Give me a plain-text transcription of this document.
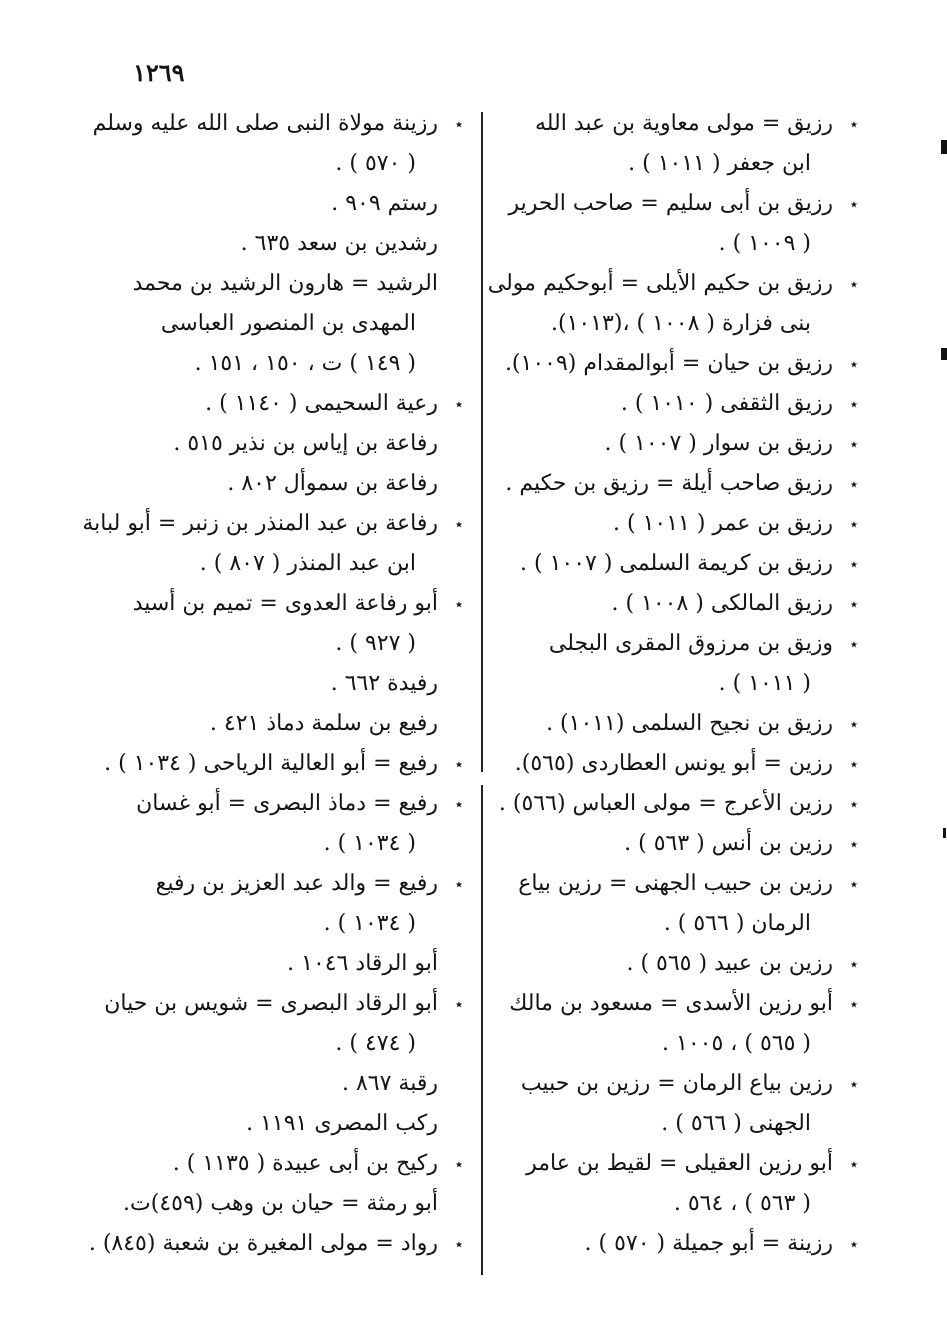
١٢٦٩
٭
رزيق = مولى معاوية بن عبد الله
ابن جعفر ( ١٠١١ ) .
٭
رزيق بن أبى سليم = صاحب الحرير
( ١٠٠٩ ) .
٭
رزيق بن حكيم الأيلى = أبوحكيم مولى
بنى فزارة ( ١٠٠٨ ) ،(١٠١٣).
٭
رزيق بن حيان = أبوالمقدام (١٠٠٩).
٭
رزيق الثقفى ( ١٠١٠ ) .
٭
رزيق بن سوار ( ١٠٠٧ ) .
٭
رزيق صاحب أيلة = رزيق بن حكيم .
٭
رزيق بن عمر ( ١٠١١ ) .
٭
رزيق بن كريمة السلمى ( ١٠٠٧ ) .
٭
رزيق المالكى ( ١٠٠٨ ) .
٭
وزيق بن مرزوق المقرى البجلى
( ١٠١١ ) .
٭
رزيق بن نجيح السلمى (١٠١١) .
٭
رزين = أبو يونس العطاردى (٥٦٥).
٭
رزين الأعرج = مولى العباس (٥٦٦) .
٭
رزين بن أنس ( ٥٦٣ ) .
٭
رزين بن حبيب الجهنى = رزين بياع
الرمان ( ٥٦٦ ) .
٭
رزين بن عبيد ( ٥٦٥ ) .
٭
أبو رزين الأسدى = مسعود بن مالك
( ٥٦٥ ) ، ١٠٠٥ .
٭
رزين بياع الرمان = رزين بن حبيب
الجهنى ( ٥٦٦ ) .
٭
أبو رزين العقيلى = لقيط بن عامر
( ٥٦٣ ) ، ٥٦٤ .
٭
رزينة = أبو جميلة ( ٥٧٠ ) .
٭
رزينة مولاة النبى صلى الله عليه وسلم
( ٥٧٠ ) .
رستم ٩٠٩ .
رشدين بن سعد ٦٣٥ .
الرشيد = هارون الرشيد بن محمد
المهدى بن المنصور العباسى
( ١٤٩ ) ت ، ١٥٠ ، ١٥١ .
٭
رعية السحيمى ( ١١٤٠ ) .
رفاعة بن إياس بن نذير ٥١٥ .
رفاعة بن سموأل ٨٠٢ .
٭
رفاعة بن عبد المنذر بن زنبر = أبو لبابة
ابن عبد المنذر ( ٨٠٧ ) .
٭
أبو رفاعة العدوى = تميم بن أسيد
( ٩٢٧ ) .
رفيدة ٦٦٢ .
رفيع بن سلمة دماذ ٤٢١ .
٭
رفيع = أبو العالية الرياحى ( ١٠٣٤ ) .
٭
رفيع = دماذ البصرى = أبو غسان
( ١٠٣٤ ) .
٭
رفيع = والد عبد العزيز بن رفيع
( ١٠٣٤ ) .
أبو الرقاد ١٠٤٦ .
٭
أبو الرقاد البصرى = شويس بن حيان
( ٤٧٤ ) .
رقبة ٨٦٧ .
ركب المصرى ١١٩١ .
٭
ركيح بن أبى عبيدة ( ١١٣٥ ) .
أبو رمثة = حيان بن وهب (٤٥٩)ت.
٭
رواد = مولى المغيرة بن شعبة (٨٤٥) .
